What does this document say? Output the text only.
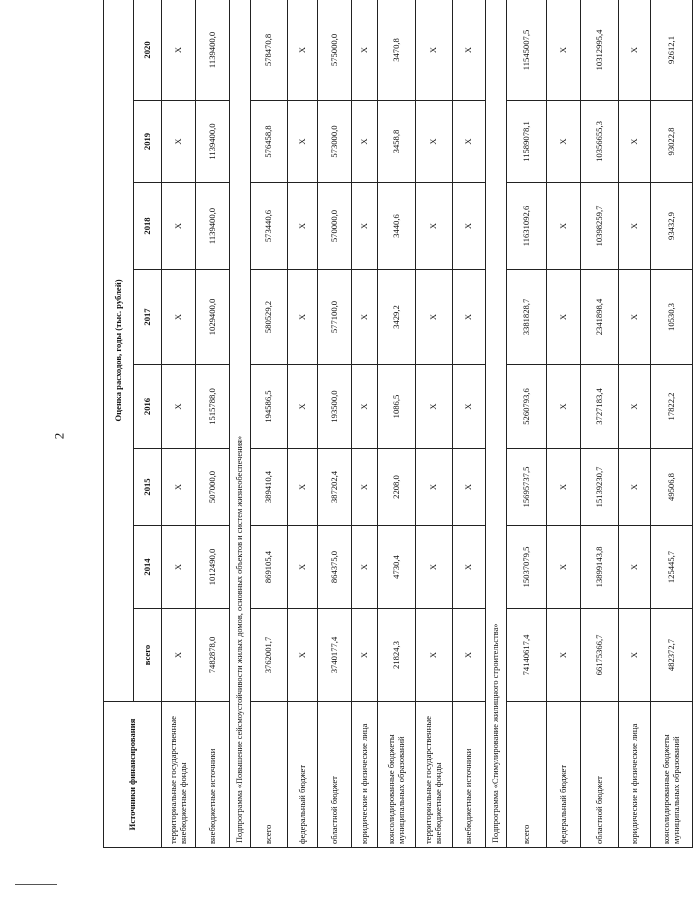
2
Источники финансирования	Оценка расходов, годы (тыс. рублей)							
	всего	2014	2015	2016	2017	2018	2019	2020
территориальные государственные внебюджетные фонды	Х	Х	Х	Х	Х	Х	Х	Х
внебюджетные источники	7482878,0	1012490,0	507000,0	1515788,0	1029400,0	1139400,0	1139400,0	1139400,0
Подпрограмма «Повышение сейсмоустойчивости жилых домов, основных объектов и систем жизнеобеспечения»								
всего	3762001,7	869105,4	389410,4	194586,5	580529,2	573440,6	576458,8	578470,8
федеральный бюджет	Х	Х	Х	Х	Х	Х	Х	Х
областной бюджет	3740177,4	864375,0	387202,4	193500,0	577100,0	570000,0	573000,0	575000,0
юридические и физические лица	Х	Х	Х	Х	Х	Х	Х	Х
консолидированные бюджеты муниципальных образований	21824,3	4730,4	2208,0	1086,5	3429,2	3440,6	3458,8	3470,8
территориальные государственные внебюджетные фонды	Х	Х	Х	Х	Х	Х	Х	Х
внебюджетные источники	Х	Х	Х	Х	Х	Х	Х	Х
Подпрограмма «Стимулирование жилищного строительства»								
всего	74140617,4	15037079,5	15695737,5	5260793,6	3381828,7	11631092,6	11589078,1	11545007,5
федеральный бюджет	Х	Х	Х	Х	Х	Х	Х	Х
областной бюджет	66175366,7	13899143,8	15139230,7	3727183,4	2341898,4	10398259,7	10356655,3	10312995,4
юридические и физические лица	Х	Х	Х	Х	Х	Х	Х	Х
консолидированные бюджеты муниципальных образований	482372,7	125445,7	49506,8	17822,2	10530,3	93432,9	93022,8	92612,1
